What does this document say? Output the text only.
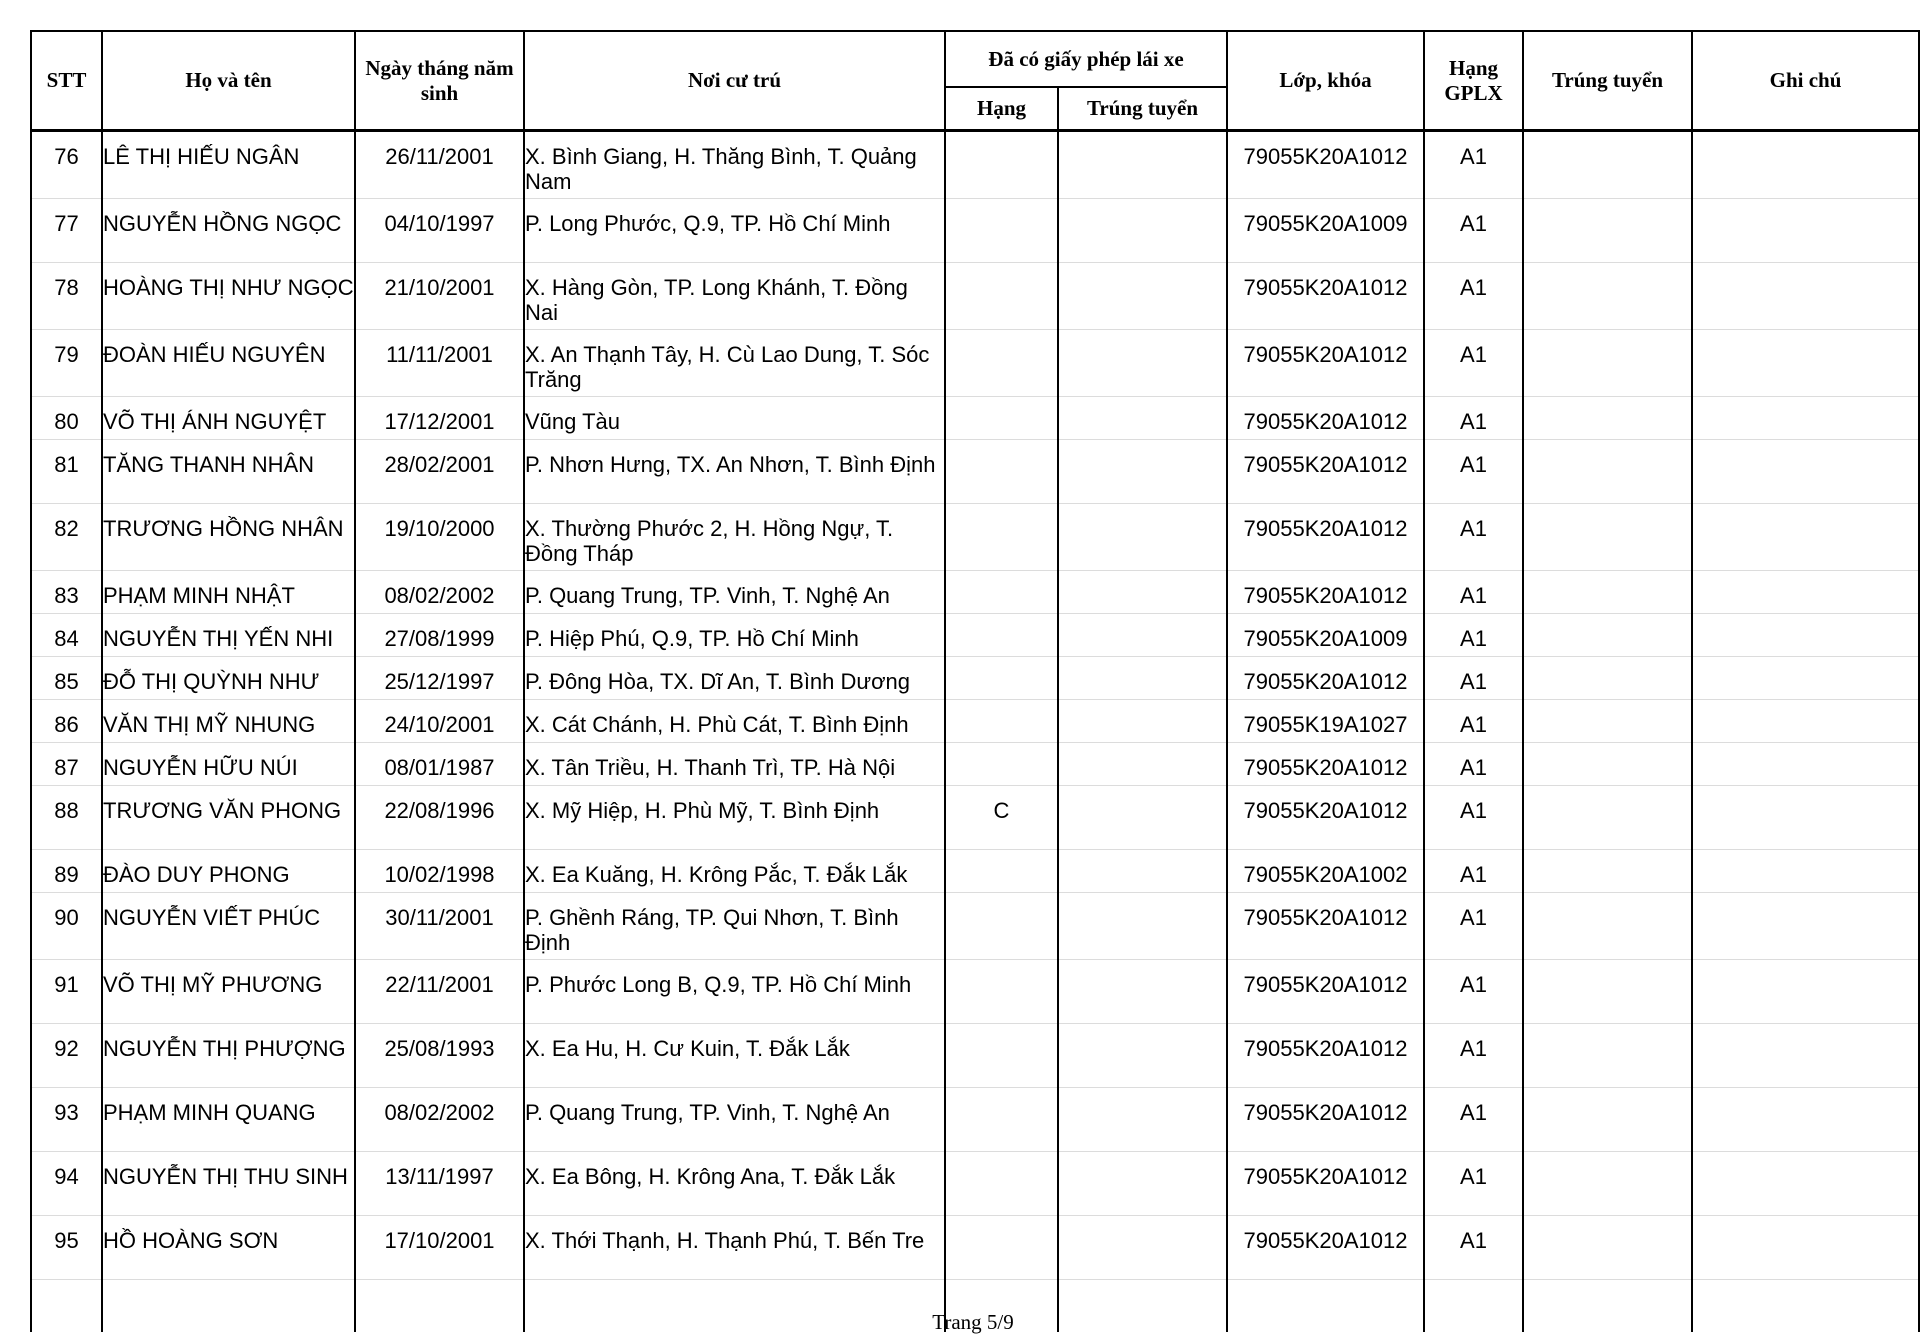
STT	Họ và tên	Ngày tháng năm sinh	Nơi cư trú	Đã có giấy phép lái xe		Lớp, khóa	Hạng GPLX	Trúng tuyển	Ghi chú
				Hạng	Trúng tuyển				
76	LÊ THỊ HIẾU NGÂN	26/11/2001	X. Bình Giang, H. Thăng Bình, T. Quảng Nam			79055K20A1012	A1		
77	NGUYỄN HỒNG NGỌC	04/10/1997	P. Long Phước, Q.9, TP. Hồ Chí Minh			79055K20A1009	A1		
78	HOÀNG THỊ NHƯ NGỌC	21/10/2001	X. Hàng Gòn, TP. Long Khánh, T. Đồng Nai			79055K20A1012	A1		
79	ĐOÀN HIẾU NGUYÊN	11/11/2001	X. An Thạnh Tây, H. Cù Lao Dung, T. Sóc Trăng			79055K20A1012	A1		
80	VÕ THỊ ÁNH NGUYỆT	17/12/2001	Vũng Tàu			79055K20A1012	A1		
81	TĂNG THANH NHÂN	28/02/2001	P. Nhơn Hưng, TX. An Nhơn, T. Bình Định			79055K20A1012	A1		
82	TRƯƠNG HỒNG NHÂN	19/10/2000	X. Thường Phước 2, H. Hồng Ngự, T. Đồng Tháp			79055K20A1012	A1		
83	PHẠM MINH NHẬT	08/02/2002	P. Quang Trung, TP. Vinh, T. Nghệ An			79055K20A1012	A1		
84	NGUYỄN THỊ YẾN NHI	27/08/1999	P. Hiệp Phú, Q.9, TP. Hồ Chí Minh			79055K20A1009	A1		
85	ĐỖ THỊ QUỲNH NHƯ	25/12/1997	P. Đông Hòa, TX. Dĩ An, T. Bình Dương			79055K20A1012	A1		
86	VĂN THỊ MỸ NHUNG	24/10/2001	X. Cát Chánh, H. Phù Cát, T. Bình Định			79055K19A1027	A1		
87	NGUYỄN HỮU NÚI	08/01/1987	X. Tân Triều, H. Thanh Trì, TP. Hà Nội			79055K20A1012	A1		
88	TRƯƠNG VĂN PHONG	22/08/1996	X. Mỹ Hiệp, H. Phù Mỹ, T. Bình Định	C		79055K20A1012	A1		
89	ĐÀO DUY PHONG	10/02/1998	X. Ea Kuăng, H. Krông Pắc, T. Đắk Lắk			79055K20A1002	A1		
90	NGUYỄN VIẾT PHÚC	30/11/2001	P. Ghềnh Ráng, TP. Qui Nhơn, T. Bình Định			79055K20A1012	A1		
91	VÕ THỊ MỸ PHƯƠNG	22/11/2001	P. Phước Long B, Q.9, TP. Hồ Chí Minh			79055K20A1012	A1		
92	NGUYỄN THỊ PHƯỢNG	25/08/1993	X. Ea Hu, H. Cư Kuin, T. Đắk Lắk			79055K20A1012	A1		
93	PHẠM MINH QUANG	08/02/2002	P. Quang Trung, TP. Vinh, T. Nghệ An			79055K20A1012	A1		
94	NGUYỄN THỊ THU SINH	13/11/1997	X. Ea Bông, H. Krông Ana, T. Đắk Lắk			79055K20A1012	A1		
95	HỒ HOÀNG SƠN	17/10/2001	X. Thới Thạnh, H. Thạnh Phú, T. Bến Tre			79055K20A1012	A1		

Trang 5/9
